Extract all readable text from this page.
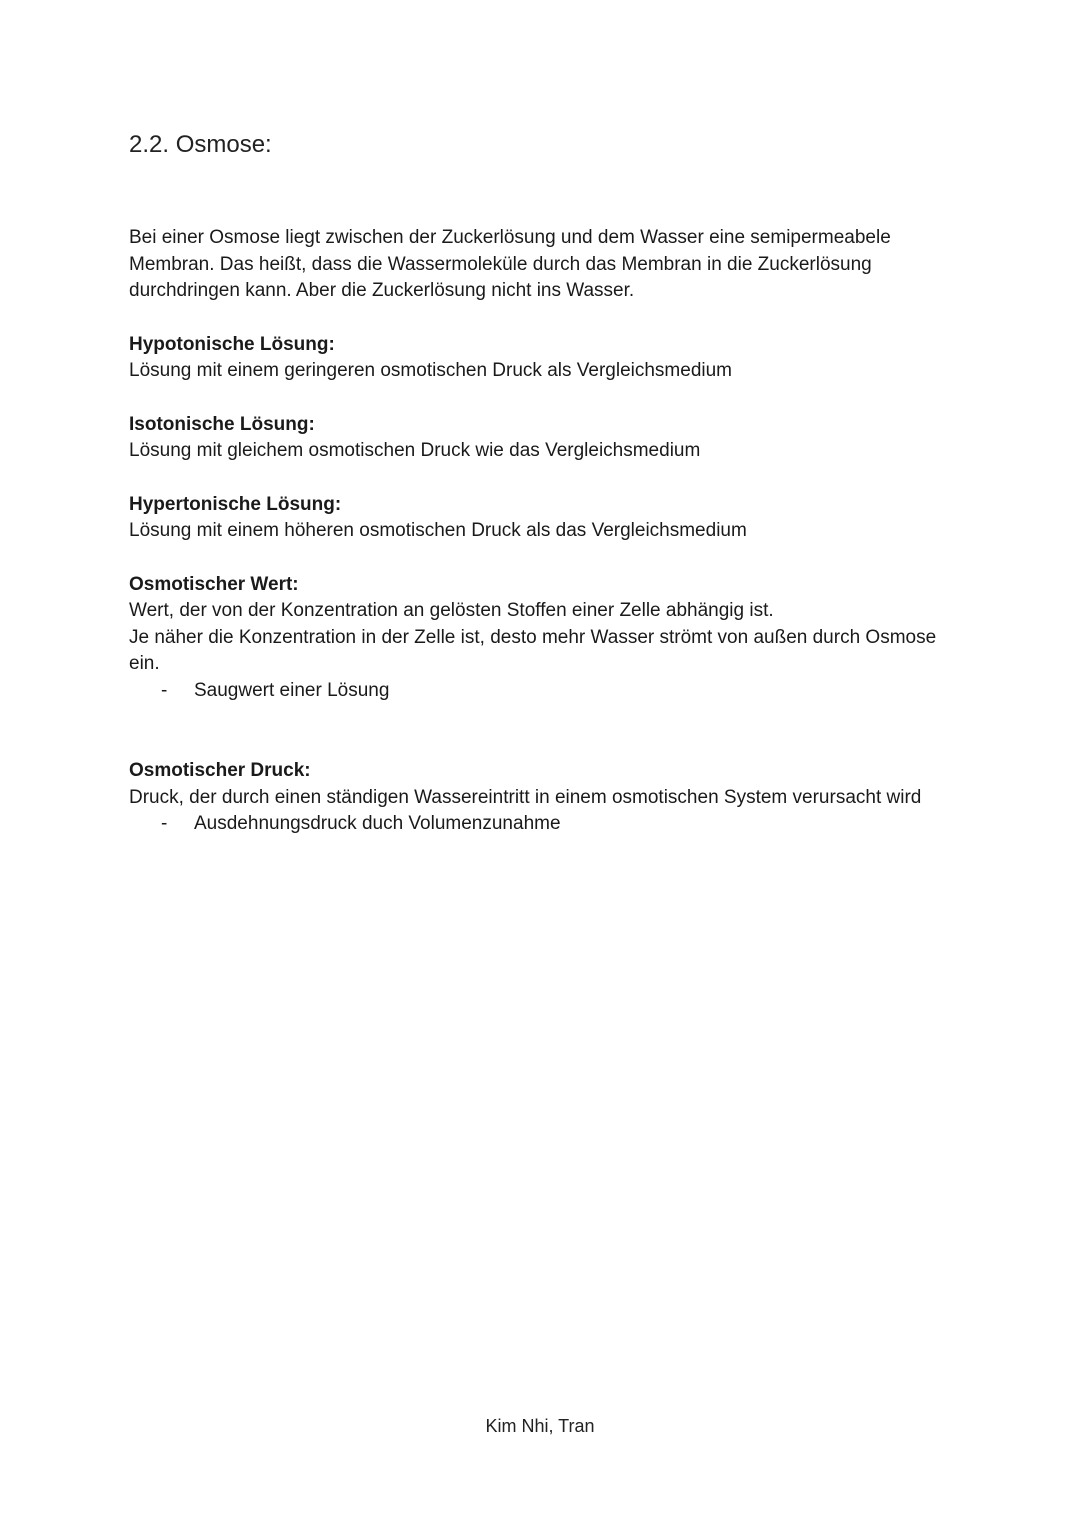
2.2. Osmose:

Bei einer Osmose liegt zwischen der Zuckerlösung und dem Wasser eine semipermeabele Membran. Das heißt, dass die Wassermoleküle durch das Membran in die Zuckerlösung durchdringen kann. Aber die Zuckerlösung nicht ins Wasser.

Hypotonische Lösung:

Lösung mit einem geringeren osmotischen Druck als Vergleichsmedium

Isotonische Lösung:

Lösung mit gleichem osmotischen Druck wie das Vergleichsmedium

Hypertonische Lösung:

Lösung mit einem höheren osmotischen Druck als das Vergleichsmedium

Osmotischer Wert:

Wert, der von der Konzentration an gelösten Stoffen einer Zelle abhängig ist.

Je näher die Konzentration in der Zelle ist, desto mehr Wasser strömt von außen durch Osmose ein.

- Saugwert einer Lösung

Osmotischer Druck:

Druck, der durch einen ständigen Wassereintritt in einem osmotischen System verursacht wird

- Ausdehnungsdruck duch Volumenzunahme

Kim Nhi, Tran
